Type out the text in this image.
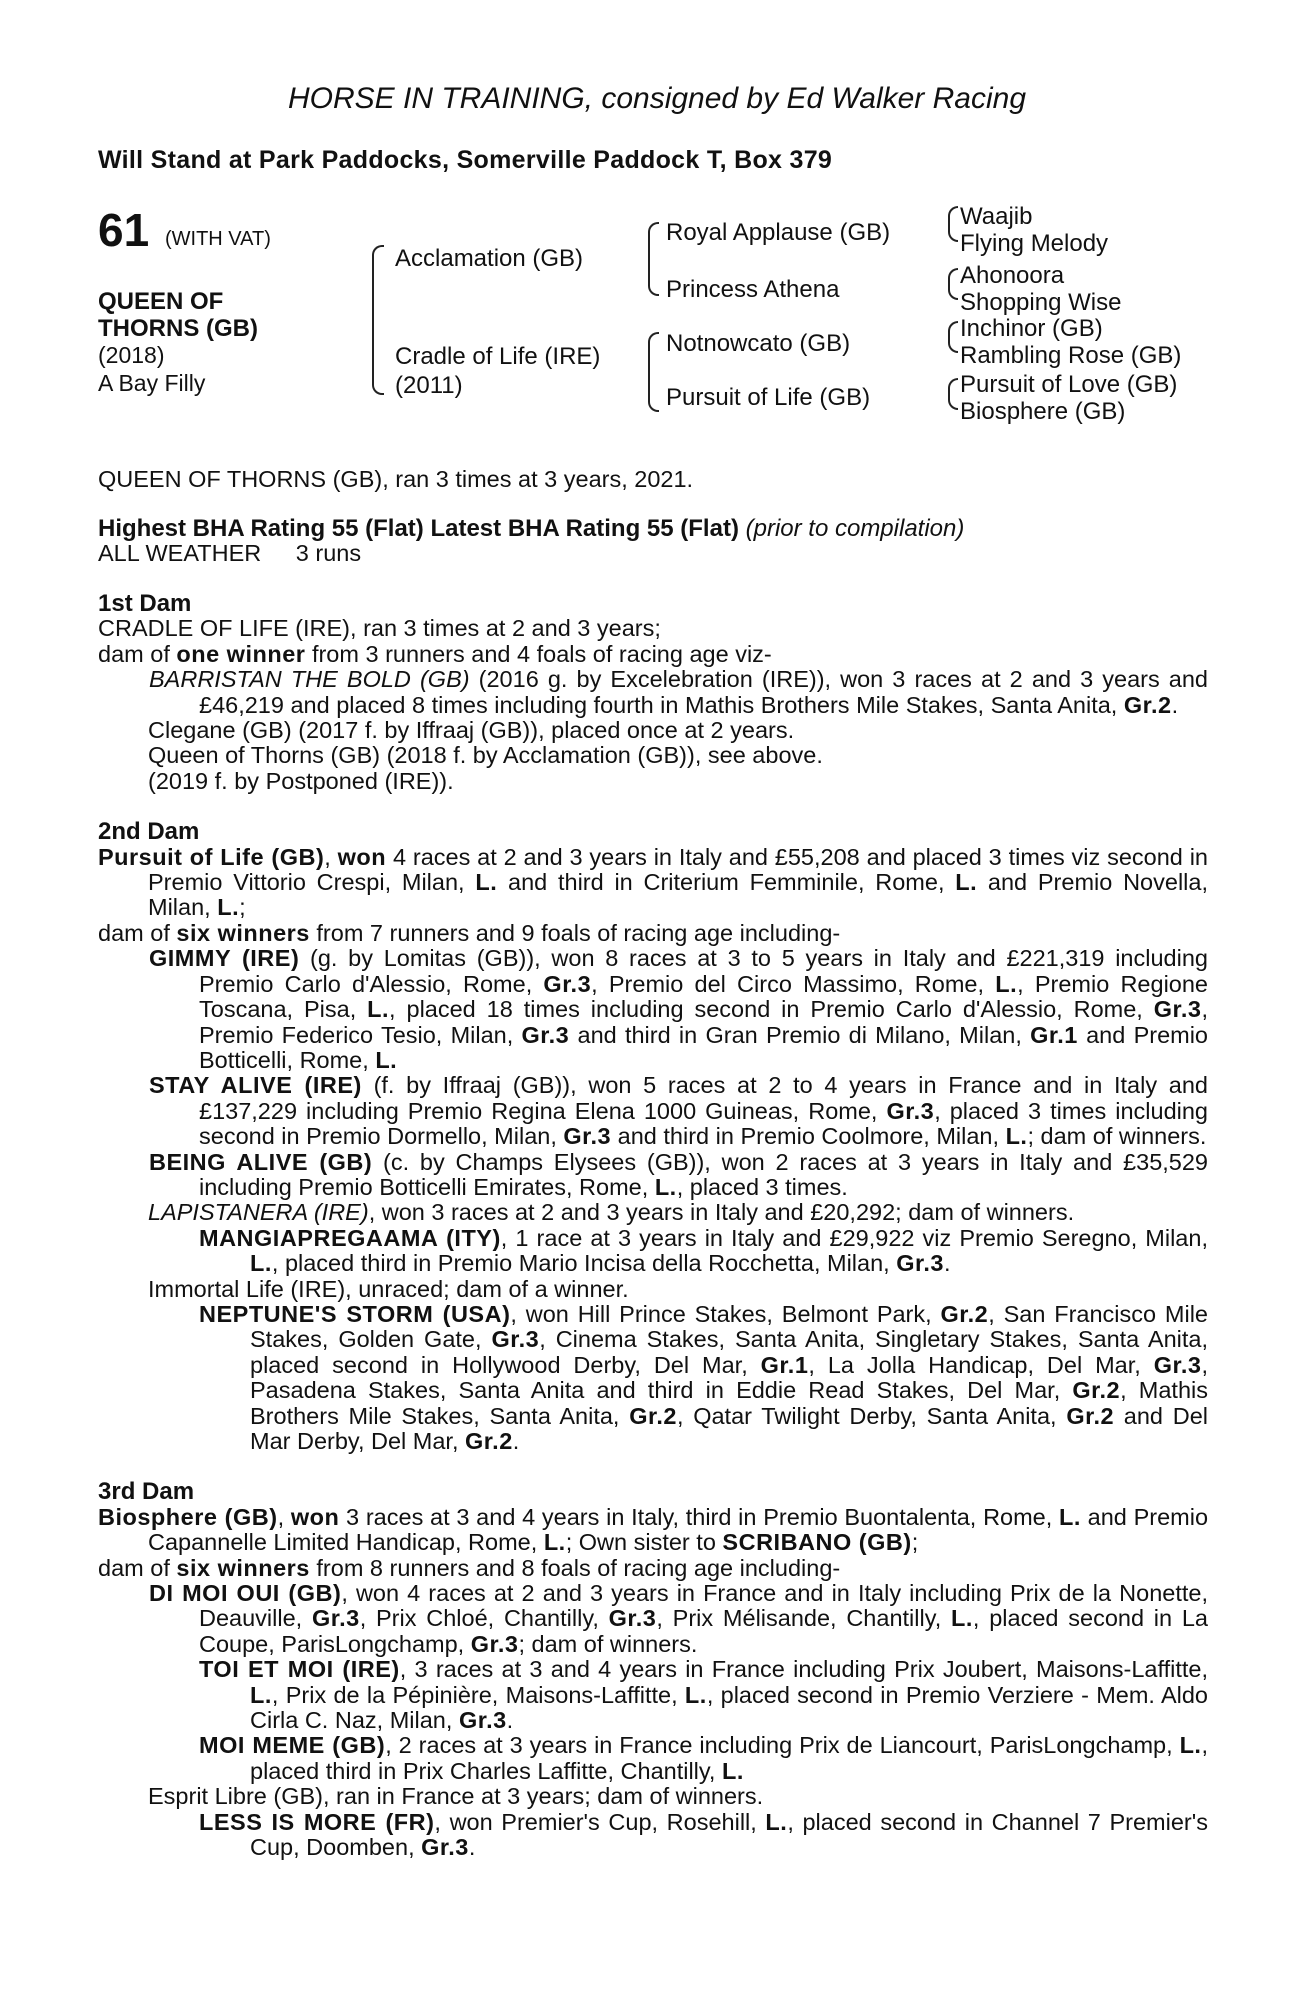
HORSE IN TRAINING, consigned by Ed Walker Racing
Will Stand at Park Paddocks, Somerville Paddock T, Box 379
61 (WITH VAT)
QUEEN OF
THORNS (GB)
(2018)
A Bay Filly
Acclamation (GB)
Cradle of Life (IRE)
(2011)
Royal Applause (GB)
Princess Athena
Notnowcato (GB)
Pursuit of Life (GB)
Waajib
Flying Melody
Ahonoora
Shopping Wise
Inchinor (GB)
Rambling Rose (GB)
Pursuit of Love (GB)
Biosphere (GB)
QUEEN OF THORNS (GB), ran 3 times at 3 years, 2021.
Highest BHA Rating 55 (Flat) Latest BHA Rating 55 (Flat) (prior to compilation)
ALL WEATHER 3 runs

1st Dam

CRADLE OF LIFE (IRE), ran 3 times at 2 and 3 years;

dam of one winner from 3 runners and 4 foals of racing age viz-

BARRISTAN THE BOLD (GB) (2016 g. by Excelebration (IRE)), won 3 races at 2 and 3 years and £46,219 and placed 8 times including fourth in Mathis Brothers Mile Stakes, Santa Anita, Gr.2.

Clegane (GB) (2017 f. by Iffraaj (GB)), placed once at 2 years.

Queen of Thorns (GB) (2018 f. by Acclamation (GB)), see above.

(2019 f. by Postponed (IRE)).

2nd Dam

Pursuit of Life (GB), won 4 races at 2 and 3 years in Italy and £55,208 and placed 3 times viz second in Premio Vittorio Crespi, Milan, L. and third in Criterium Femminile, Rome, L. and Premio Novella, Milan, L.;

dam of six winners from 7 runners and 9 foals of racing age including-

GIMMY (IRE) (g. by Lomitas (GB)), won 8 races at 3 to 5 years in Italy and £221,319 including Premio Carlo d'Alessio, Rome, Gr.3, Premio del Circo Massimo, Rome, L., Premio Regione Toscana, Pisa, L., placed 18 times including second in Premio Carlo d'Alessio, Rome, Gr.3, Premio Federico Tesio, Milan, Gr.3 and third in Gran Premio di Milano, Milan, Gr.1 and Premio Botticelli, Rome, L.

STAY ALIVE (IRE) (f. by Iffraaj (GB)), won 5 races at 2 to 4 years in France and in Italy and £137,229 including Premio Regina Elena 1000 Guineas, Rome, Gr.3, placed 3 times including second in Premio Dormello, Milan, Gr.3 and third in Premio Coolmore, Milan, L.; dam of winners.

BEING ALIVE (GB) (c. by Champs Elysees (GB)), won 2 races at 3 years in Italy and £35,529 including Premio Botticelli Emirates, Rome, L., placed 3 times.

LAPISTANERA (IRE), won 3 races at 2 and 3 years in Italy and £20,292; dam of winners.

MANGIAPREGAAMA (ITY), 1 race at 3 years in Italy and £29,922 viz Premio Seregno, Milan, L., placed third in Premio Mario Incisa della Rocchetta, Milan, Gr.3.

Immortal Life (IRE), unraced; dam of a winner.

NEPTUNE'S STORM (USA), won Hill Prince Stakes, Belmont Park, Gr.2, San Francisco Mile Stakes, Golden Gate, Gr.3, Cinema Stakes, Santa Anita, Singletary Stakes, Santa Anita, placed second in Hollywood Derby, Del Mar, Gr.1, La Jolla Handicap, Del Mar, Gr.3, Pasadena Stakes, Santa Anita and third in Eddie Read Stakes, Del Mar, Gr.2, Mathis Brothers Mile Stakes, Santa Anita, Gr.2, Qatar Twilight Derby, Santa Anita, Gr.2 and Del Mar Derby, Del Mar, Gr.2.

3rd Dam

Biosphere (GB), won 3 races at 3 and 4 years in Italy, third in Premio Buontalenta, Rome, L. and Premio Capannelle Limited Handicap, Rome, L.; Own sister to SCRIBANO (GB);

dam of six winners from 8 runners and 8 foals of racing age including-

DI MOI OUI (GB), won 4 races at 2 and 3 years in France and in Italy including Prix de la Nonette, Deauville, Gr.3, Prix Chloé, Chantilly, Gr.3, Prix Mélisande, Chantilly, L., placed second in La Coupe, ParisLongchamp, Gr.3; dam of winners.

TOI ET MOI (IRE), 3 races at 3 and 4 years in France including Prix Joubert, Maisons-Laffitte, L., Prix de la Pépinière, Maisons-Laffitte, L., placed second in Premio Verziere - Mem. Aldo Cirla C. Naz, Milan, Gr.3.

MOI MEME (GB), 2 races at 3 years in France including Prix de Liancourt, ParisLongchamp, L., placed third in Prix Charles Laffitte, Chantilly, L.

Esprit Libre (GB), ran in France at 3 years; dam of winners.

LESS IS MORE (FR), won Premier's Cup, Rosehill, L., placed second in Channel 7 Premier's Cup, Doomben, Gr.3.
